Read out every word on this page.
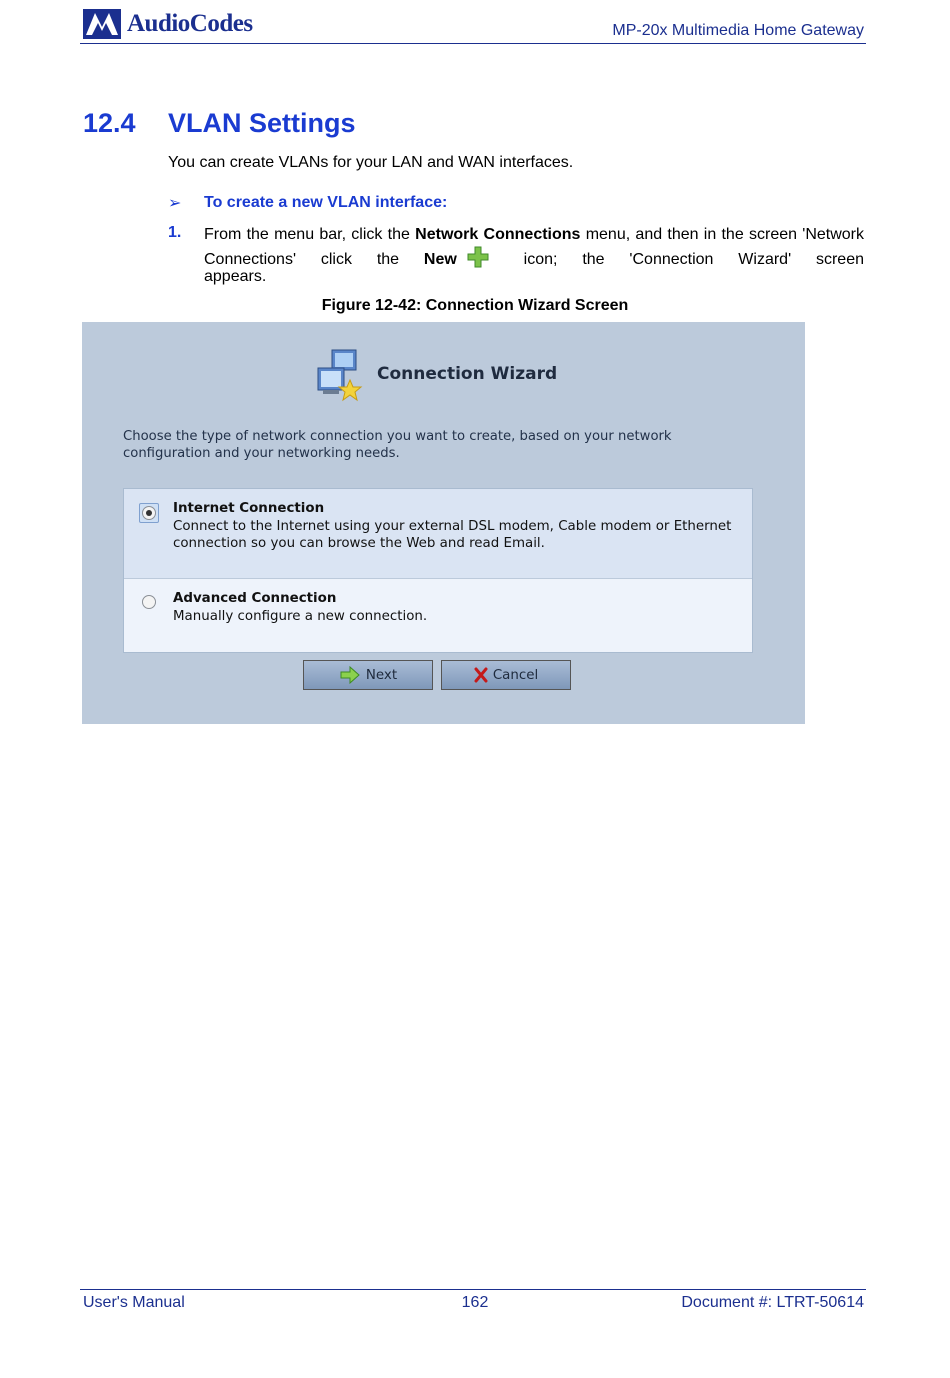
AudioCodes	MP-20x Multimedia Home Gateway
12.4 VLAN Settings
You can create VLANs for your LAN and WAN interfaces.
➢ To create a new VLAN interface:
1. From the menu bar, click the Network Connections menu, and then in the screen 'Network Connections' click the New	icon; the 'Connection Wizard' screen
appears.
Figure 12-42: Connection Wizard Screen
Connection Wizard
Choose the type of network connection you want to create, based on your network configuration and your networking needs.
Internet Connection
Connect to the Internet using your external DSL modem, Cable modem or Ethernet connection so you can browse the Web and read Email.
Advanced Connection
Manually configure a new connection.
Next	Cancel
User's Manual	162	Document #: LTRT-50614
